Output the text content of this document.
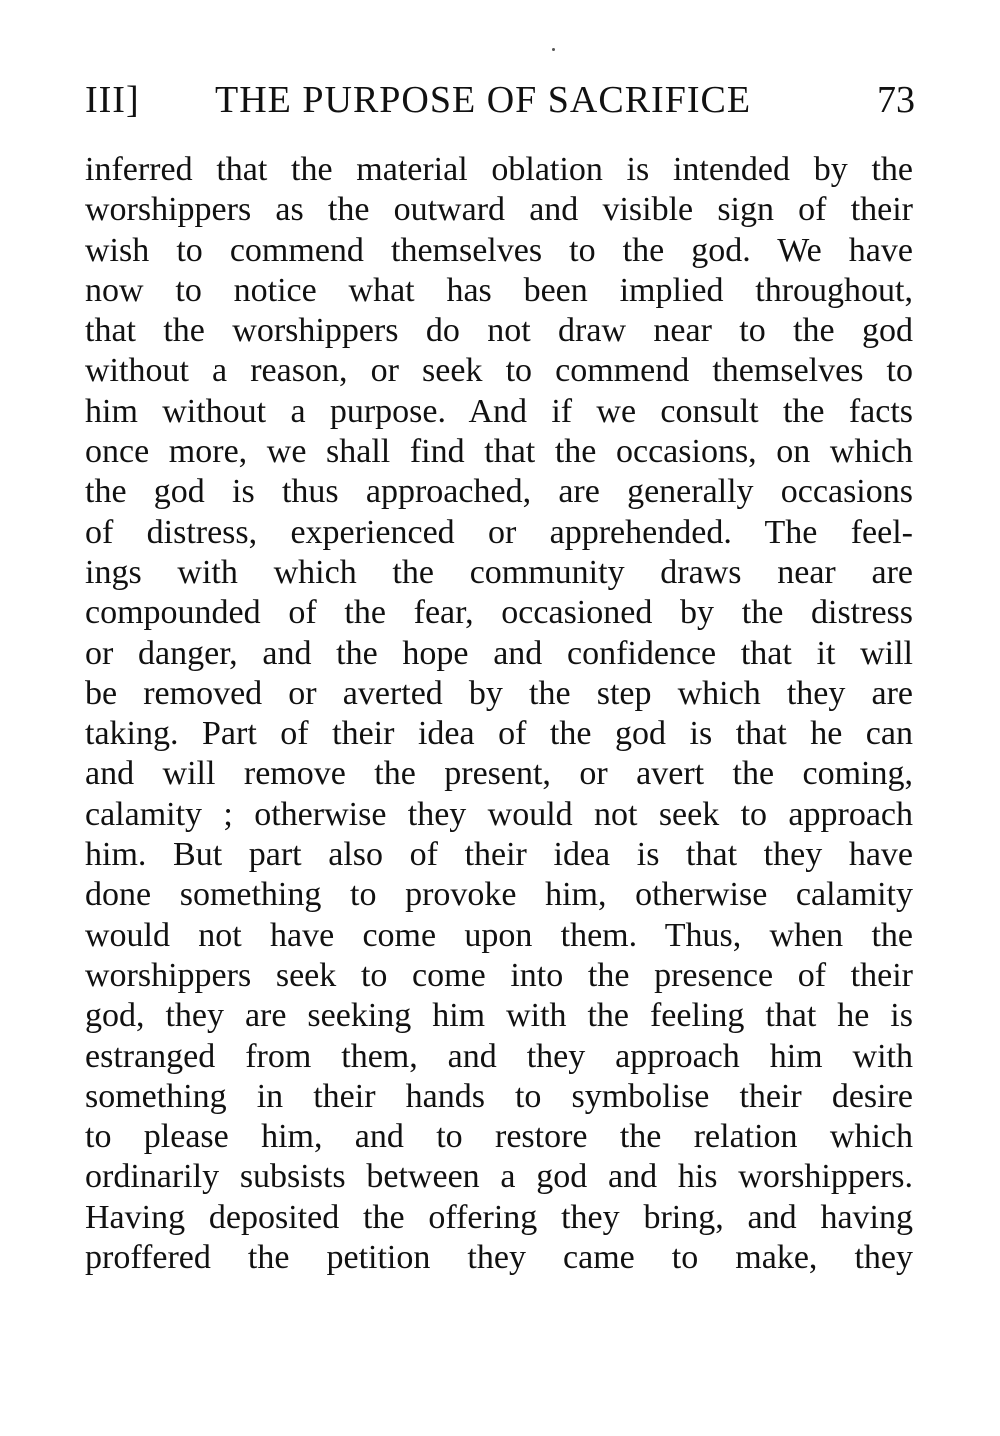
III] THE PURPOSE OF SACRIFICE	73
inferred that the material oblation is intended by the
worshippers as the outward and visible sign of their
wish to commend themselves to the god. We have
now to notice what has been implied throughout,
that the worshippers do not draw near to the god
without a reason, or seek to commend themselves to
him without a purpose. And if we consult the facts
once more, we shall find that the occasions, on which
the god is thus approached, are generally occasions
of distress, experienced or apprehended. The feel-
ings with which the community draws near are
compounded of the fear, occasioned by the distress
or danger, and the hope and confidence that it will
be removed or averted by the step which they are
taking. Part of their idea of the god is that he can
and will remove the present, or avert the coming,
calamity ; otherwise they would not seek to approach
him. But part also of their idea is that they have
done something to provoke him, otherwise calamity
would not have come upon them. Thus, when the
worshippers seek to come into the presence of their
god, they are seeking him with the feeling that he is
estranged from them, and they approach him with
something in their hands to symbolise their desire
to please him, and to restore the relation which
ordinarily subsists between a god and his worshippers.
Having deposited the offering they bring, and having
proffered the petition they came to make, they
